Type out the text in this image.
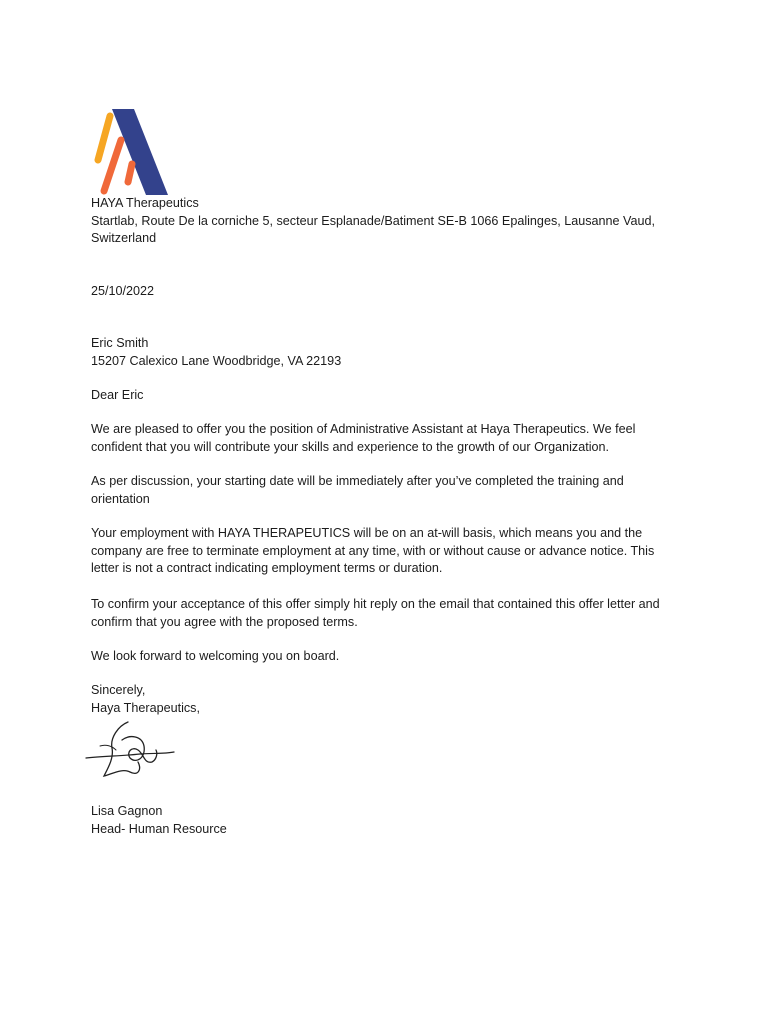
HAYA Therapeutics

Startlab, Route De la corniche 5, secteur Esplanade/Batiment SE-B 1066 Epalinges, Lausanne Vaud,

Switzerland

25/10/2022

Eric Smith

15207 Calexico Lane Woodbridge, VA 22193

Dear Eric

We are pleased to offer you the position of Administrative Assistant at Haya Therapeutics. We feel

confident that you will contribute your skills and experience to the growth of our Organization.

As per discussion, your starting date will be immediately after you’ve completed the training and

orientation

Your employment with HAYA THERAPEUTICS will be on an at-will basis, which means you and the

company are free to terminate employment at any time, with or without cause or advance notice. This

letter is not a contract indicating employment terms or duration.

To confirm your acceptance of this offer simply hit reply on the email that contained this offer letter and

confirm that you agree with the proposed terms.

We look forward to welcoming you on board.

Sincerely,

Haya Therapeutics,

Lisa Gagnon

Head- Human Resource
